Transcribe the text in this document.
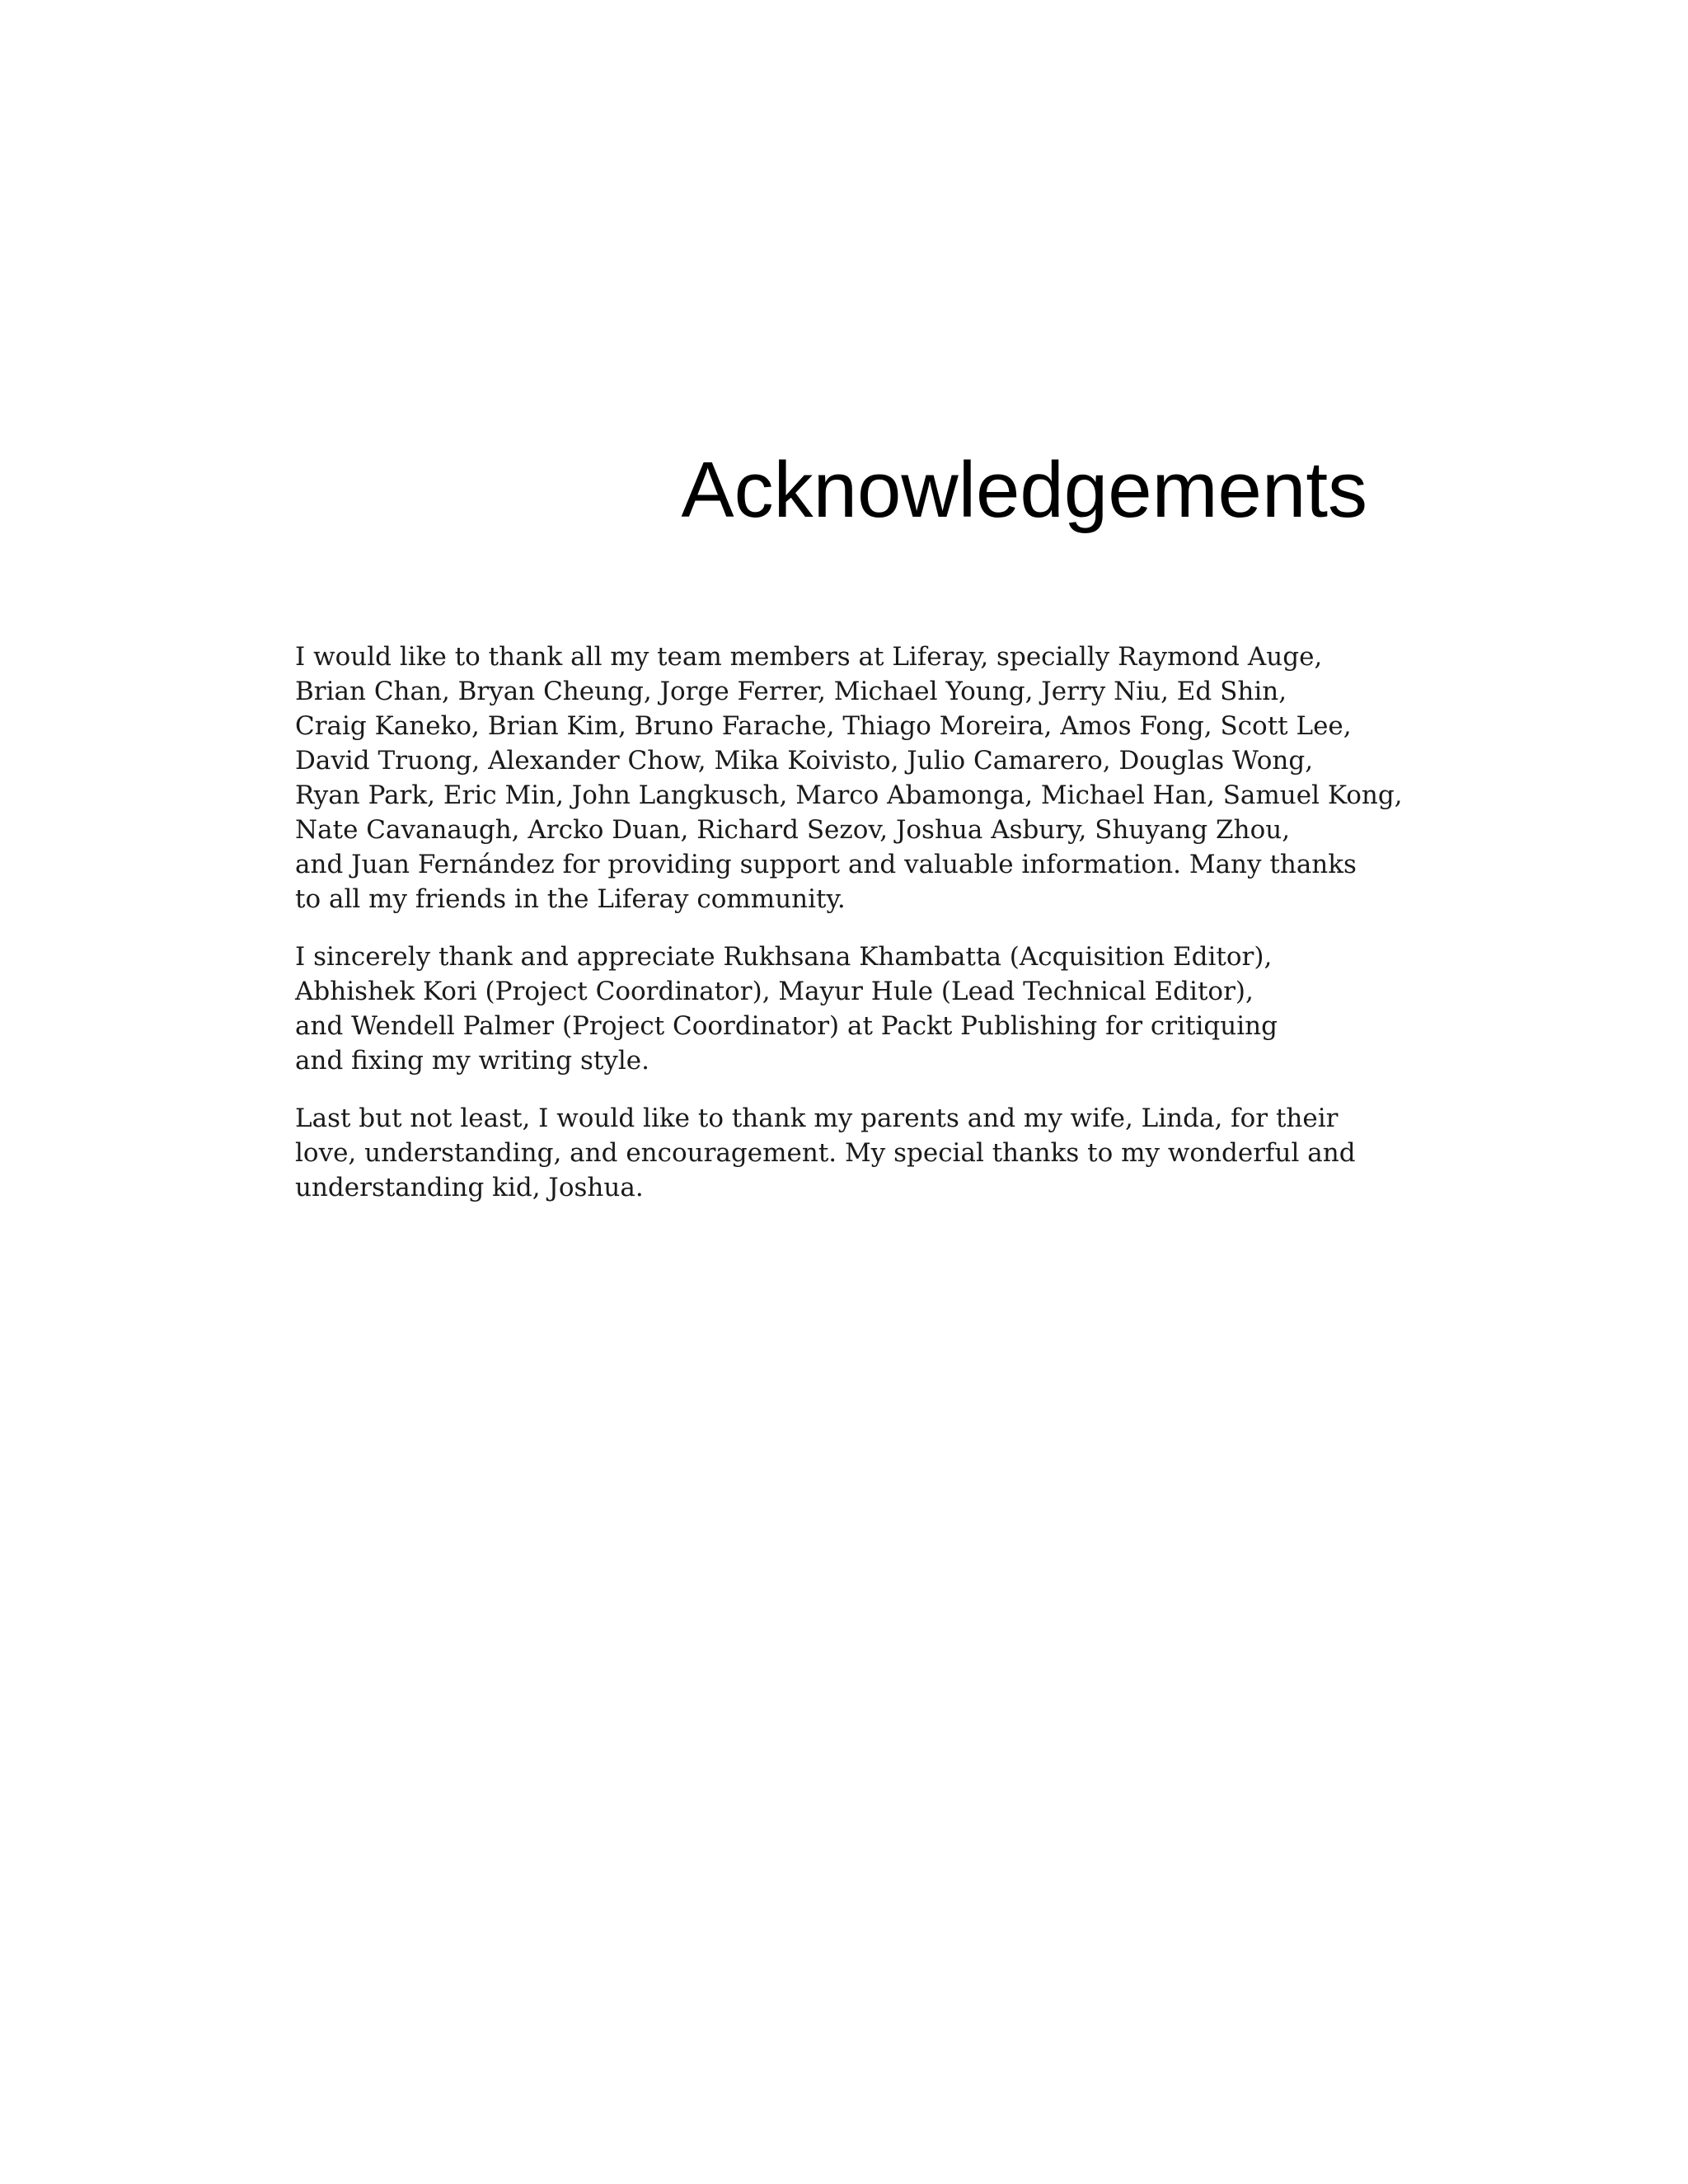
Acknowledgements

I would like to thank all my team members at Liferay, specially Raymond Auge,
Brian Chan, Bryan Cheung, Jorge Ferrer, Michael Young, Jerry Niu, Ed Shin,
Craig Kaneko, Brian Kim, Bruno Farache, Thiago Moreira, Amos Fong, Scott Lee,
David Truong, Alexander Chow, Mika Koivisto, Julio Camarero, Douglas Wong,
Ryan Park, Eric Min, John Langkusch, Marco Abamonga, Michael Han, Samuel Kong,
Nate Cavanaugh, Arcko Duan, Richard Sezov, Joshua Asbury, Shuyang Zhou,
and Juan Fernández for providing support and valuable information. Many thanks
to all my friends in the Liferay community.

I sincerely thank and appreciate Rukhsana Khambatta (Acquisition Editor),
Abhishek Kori (Project Coordinator), Mayur Hule (Lead Technical Editor),
and Wendell Palmer (Project Coordinator) at Packt Publishing for critiquing
and fixing my writing style.

Last but not least, I would like to thank my parents and my wife, Linda, for their
love, understanding, and encouragement. My special thanks to my wonderful and
understanding kid, Joshua.
